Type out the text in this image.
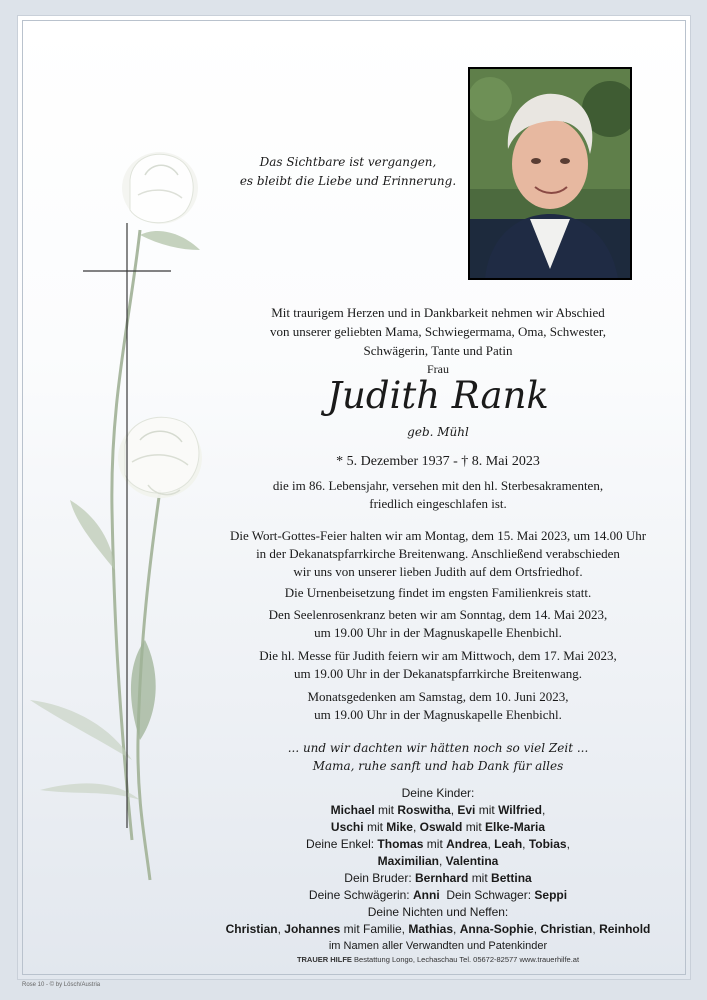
Das Sichtbare ist vergangen,
es bleibt die Liebe und Erinnerung.
Mit traurigem Herzen und in Dankbarkeit nehmen wir Abschied
von unserer geliebten Mama, Schwiegermama, Oma, Schwester,
Schwägerin, Tante und Patin
Frau
Judith Rank
geb. Mühl
* 5. Dezember 1937 - † 8. Mai 2023
die im 86. Lebensjahr, versehen mit den hl. Sterbesakramenten,
friedlich eingeschlafen ist.
Die Wort-Gottes-Feier halten wir am Montag, dem 15. Mai 2023, um 14.00 Uhr
in der Dekanatspfarrkirche Breitenwang. Anschließend verabschieden
wir uns von unserer lieben Judith auf dem Ortsfriedhof.
Die Urnenbeisetzung findet im engsten Familienkreis statt.
Den Seelenrosenkranz beten wir am Sonntag, dem 14. Mai 2023,
um 19.00 Uhr in der Magnuskapelle Ehenbichl.
Die hl. Messe für Judith feiern wir am Mittwoch, dem 17. Mai 2023,
um 19.00 Uhr in der Dekanatspfarrkirche Breitenwang.
Monatsgedenken am Samstag, dem 10. Juni 2023,
um 19.00 Uhr in der Magnuskapelle Ehenbichl.
... und wir dachten wir hätten noch so viel Zeit ...
Mama, ruhe sanft und hab Dank für alles
Deine Kinder:
Michael mit Roswitha, Evi mit Wilfried,
Uschi mit Mike, Oswald mit Elke-Maria
Deine Enkel: Thomas mit Andrea, Leah, Tobias,
Maximilian, Valentina
Dein Bruder: Bernhard mit Bettina
Deine Schwägerin: Anni Dein Schwager: Seppi
Deine Nichten und Neffen:
Christian, Johannes mit Familie, Mathias, Anna-Sophie, Christian, Reinhold
im Namen aller Verwandten und Patenkinder
TRAUER HILFE Bestattung Longo, Lechaschau Tel. 05672-82577 www.trauerhilfe.at
Rose 10 - © by Lösch/Austria
